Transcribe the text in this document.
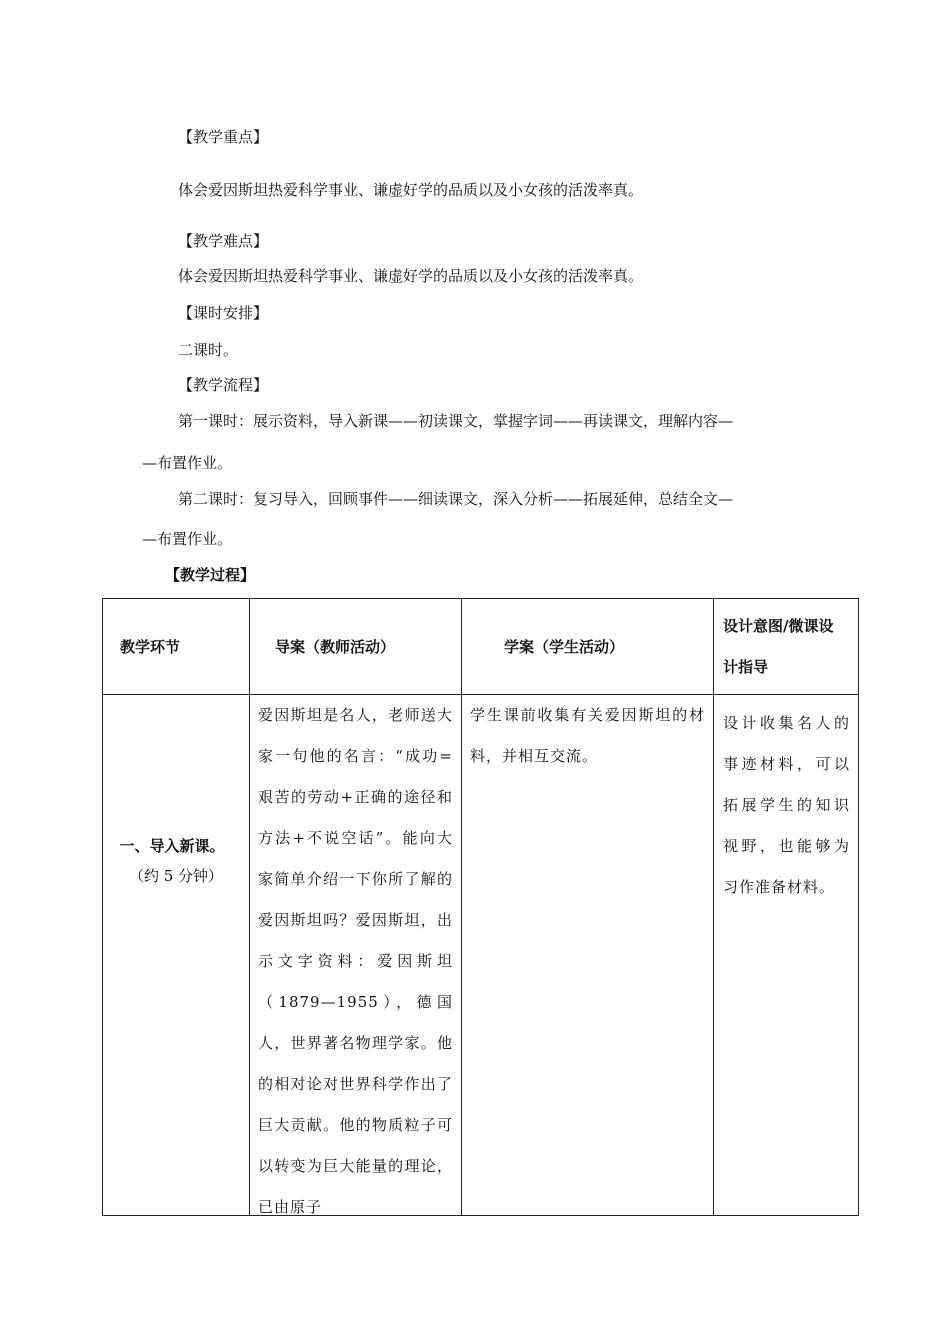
【教学重点】
体会爱因斯坦热爱科学事业、谦虚好学的品质以及小女孩的活泼率真。
【教学难点】
体会爱因斯坦热爱科学事业、谦虚好学的品质以及小女孩的活泼率真。
【课时安排】
二课时。
【教学流程】
第一课时：展示资料，导入新课——初读课文，掌握字词——再读课文，理解内容—
—布置作业。
第二课时：复习导入，回顾事件——细读课文，深入分析——拓展延伸，总结全文—
—布置作业。
【教学过程】
教学环节	导案（教师活动）	学案（学生活动）	设计意图/微课设
计指导

一、导入新课。
（约 5 分钟）	爱因斯坦是名人，老师送大家一句他的名言：“成功=艰苦的劳动+正确的途径和方法+不说空话”。能向大家简单介绍一下你所了解的爱因斯坦吗？爱因斯坦，出示文字资料：爱因斯坦（1879—1955），德国人，世界著名物理学家。他的相对论对世界科学作出了巨大贡献。他的物质粒子可以转变为巨大能量的理论，已由原子	学生课前收集有关爱因斯坦的材料，并相互交流。	设计收集名人的事迹材料，可以拓展学生的知识视野，也能够为习作准备材料。
